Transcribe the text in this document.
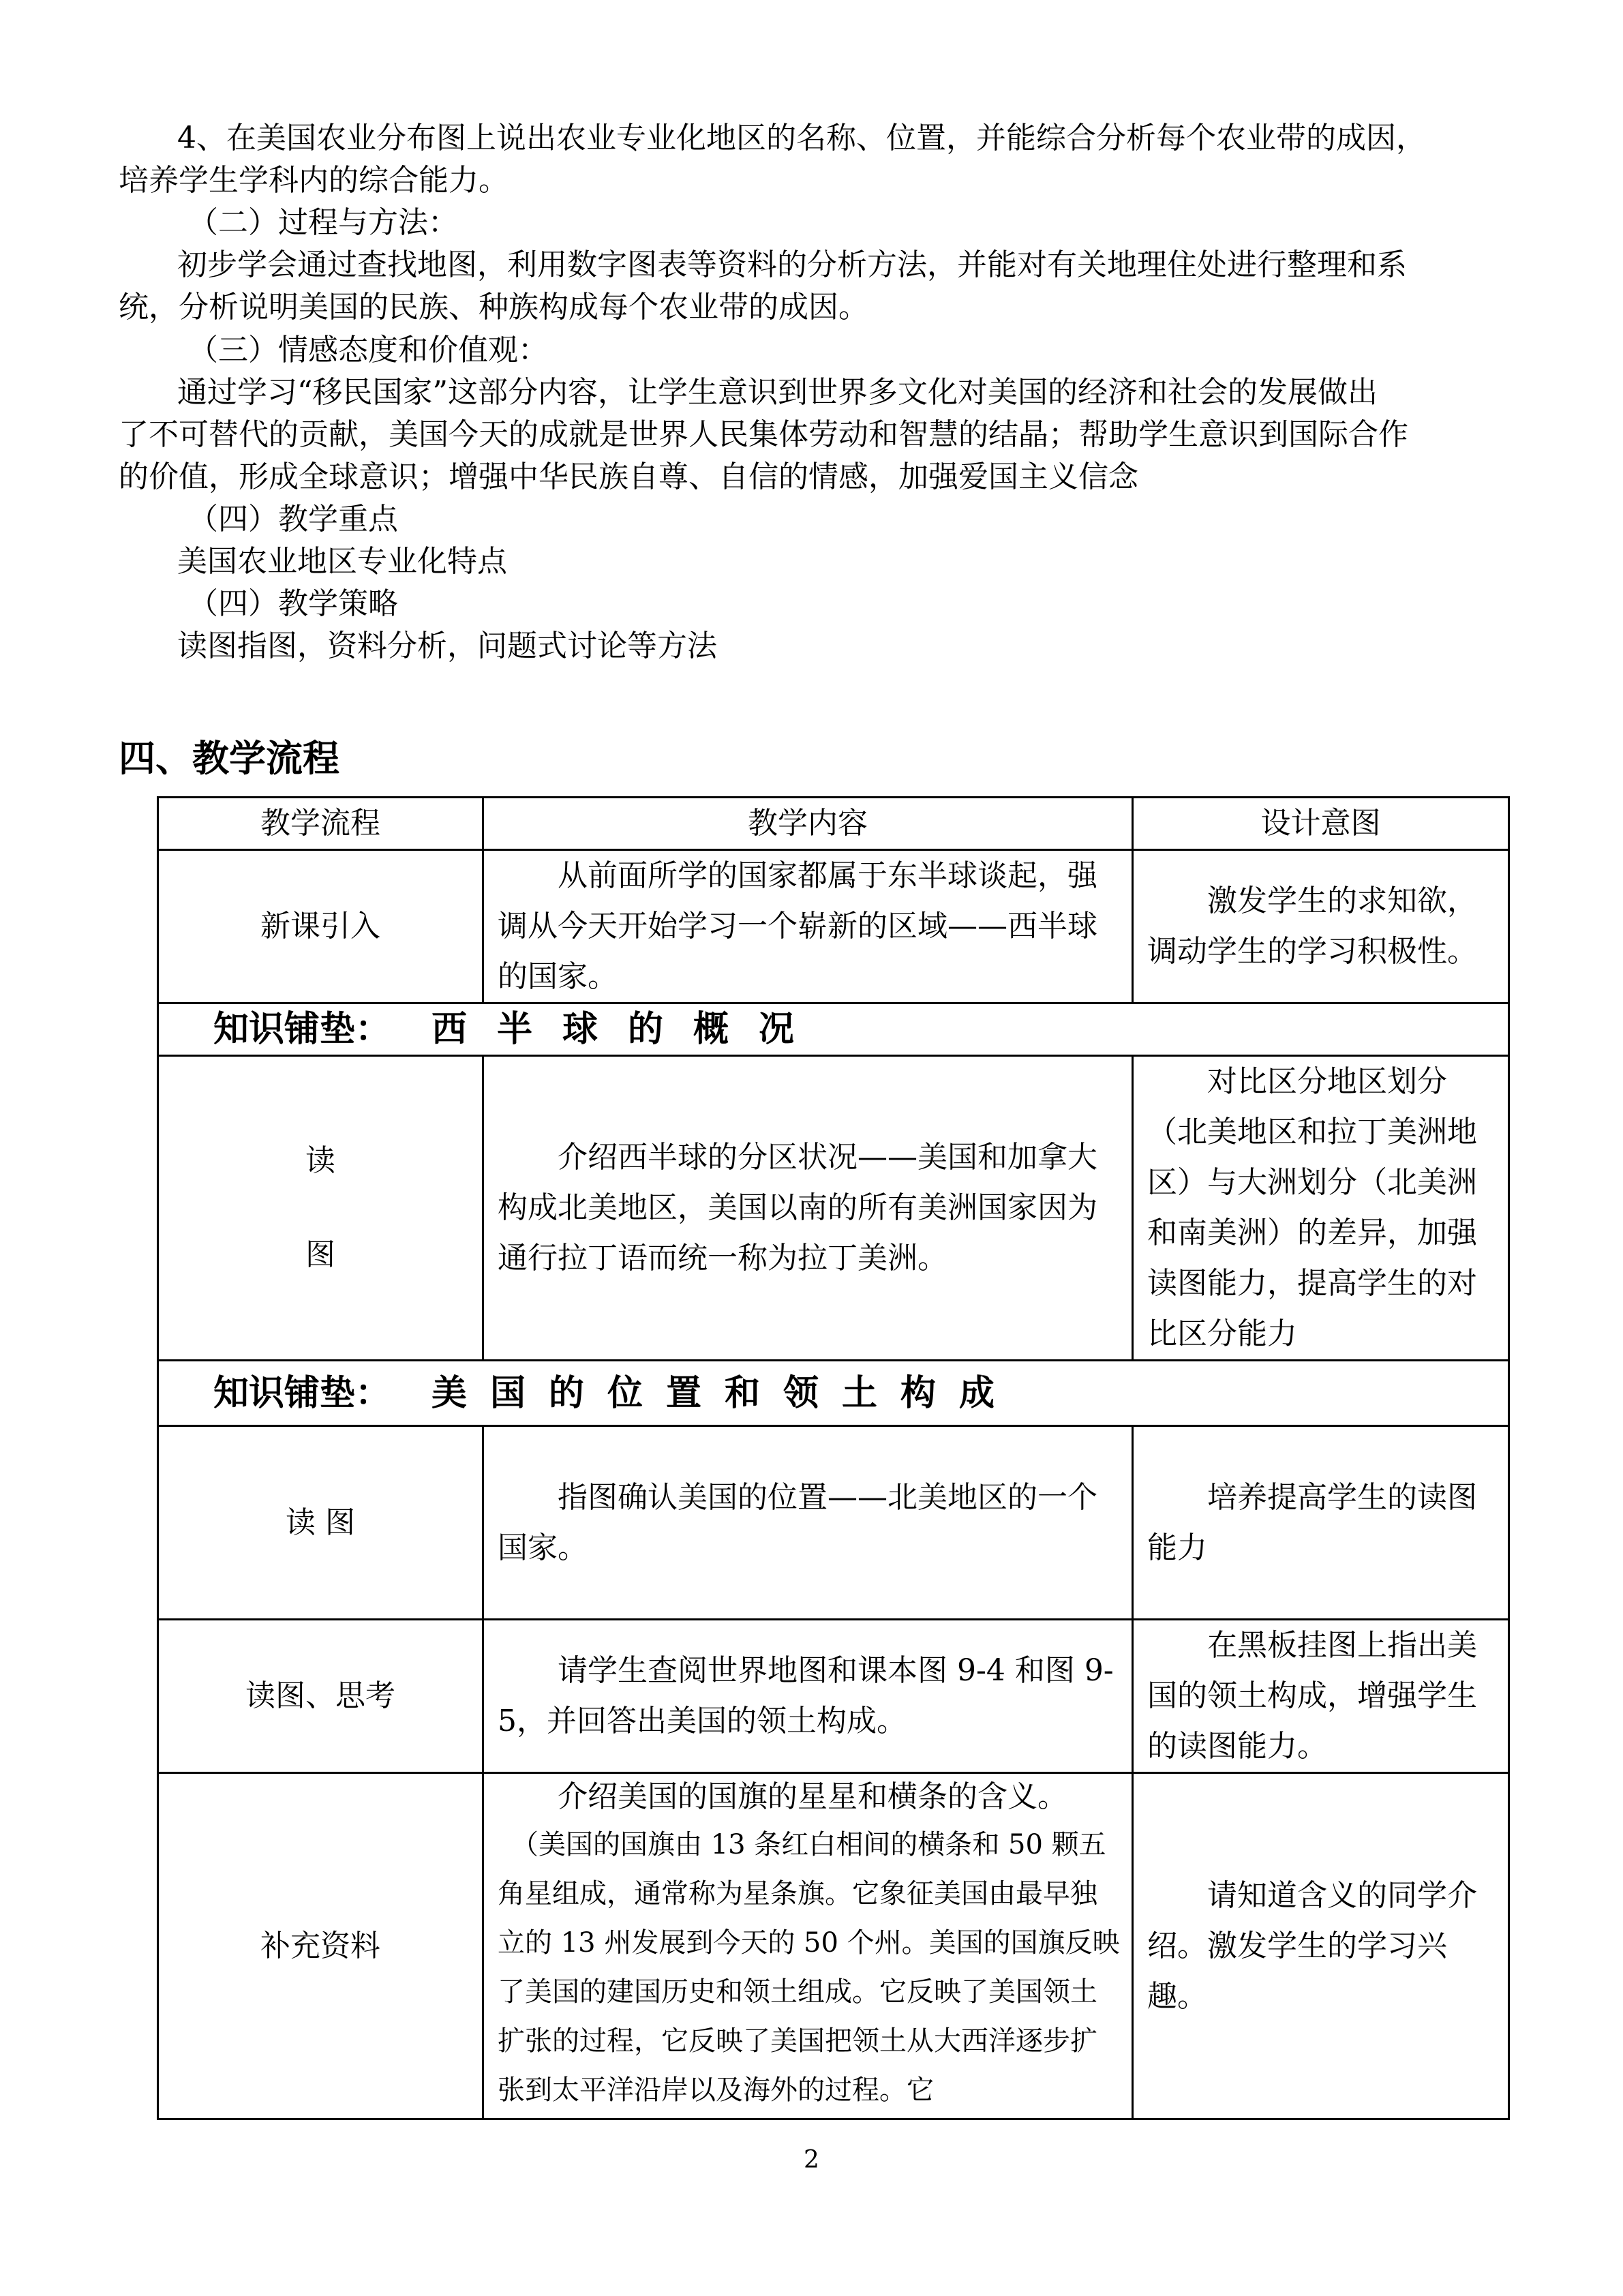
4、在美国农业分布图上说出农业专业化地区的名称、位置，并能综合分析每个农业带的成因，

培养学生学科内的综合能力。

（二）过程与方法：

初步学会通过查找地图，利用数字图表等资料的分析方法，并能对有关地理住处进行整理和系

统，分析说明美国的民族、种族构成每个农业带的成因。

（三）情感态度和价值观：

通过学习“移民国家”这部分内容，让学生意识到世界多文化对美国的经济和社会的发展做出

了不可替代的贡献，美国今天的成就是世界人民集体劳动和智慧的结晶；帮助学生意识到国际合作

的价值，形成全球意识；增强中华民族自尊、自信的情感，加强爱国主义信念

（四）教学重点

美国农业地区专业化特点

（四）教学策略

读图指图，资料分析，问题式讨论等方法

四、教学流程
教学流程	教学内容	设计意图
新课引入	从前面所学的国家都属于东半球谈起，强调从今天开始学习一个崭新的区域——西半球的国家。	激发学生的求知欲，调动学生的学习积极性。

知识铺垫： 西半球的概况		

读
图	介绍西半球的分区状况——美国和加拿大构成北美地区，美国以南的所有美洲国家因为通行拉丁语而统一称为拉丁美洲。	对比区分地区划分（北美地区和拉丁美洲地区）与大洲划分（北美洲和南美洲）的差异，加强读图能力，提高学生的对比区分能力

知识铺垫： 美国的位置和领土构成		
读 图	指图确认美国的位置——北美地区的一个国家。	培养提高学生的读图能力

读图、思考	请学生查阅世界地图和课本图 9-4 和图 9-5，并回答出美国的领土构成。	在黑板挂图上指出美国的领土构成，增强学生的读图能力。

补充资料	介绍美国的国旗的星星和横条的含义。

（美国的国旗由 13 条红白相间的横条和 50 颗五角星组成，通常称为星条旗。它象征美国由最早独立的 13 州发展到今天的 50 个州。美国的国旗反映了美国的建国历史和领土组成。它反映了美国领土扩张的过程，它反映了美国把领土从大西洋逐步扩张到太平洋沿岸以及海外的过程。它	请知道含义的同学介绍。激发学生的学习兴趣。

2
